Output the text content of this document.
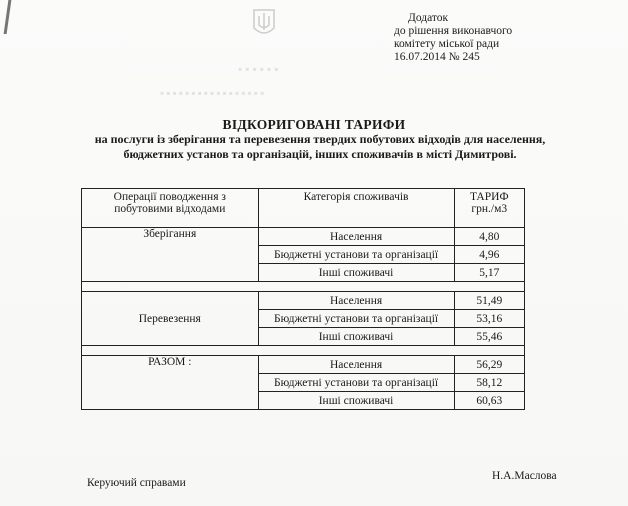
▪▪▪▪▪▪
▪▪▪▪▪▪▪▪▪▪▪▪▪▪▪▪▪
Додаток
до рішення виконавчого
комітету міської ради
16.07.2014 № 245
ВІДКОРИГОВАНІ ТАРИФИ
на послуги із зберігання та перевезення твердих побутових відходів для населення, бюджетних установ та організацій, інших споживачів в місті Димитрові.
Операції поводження з побутовими відходами	Категорія споживачів	ТАРИФ грн./м3
Зберігання	Населення	4,80
	Бюджетні установи та організації	4,96
	Інші споживачі	5,17

Перевезення	Населення	51,49
	Бюджетні установи та організації	53,16
	Інші споживачі	55,46

РАЗОМ :	Населення	56,29
	Бюджетні установи та організації	58,12
	Інші споживачі	60,63
Керуючий справами
Н.А.Маслова
